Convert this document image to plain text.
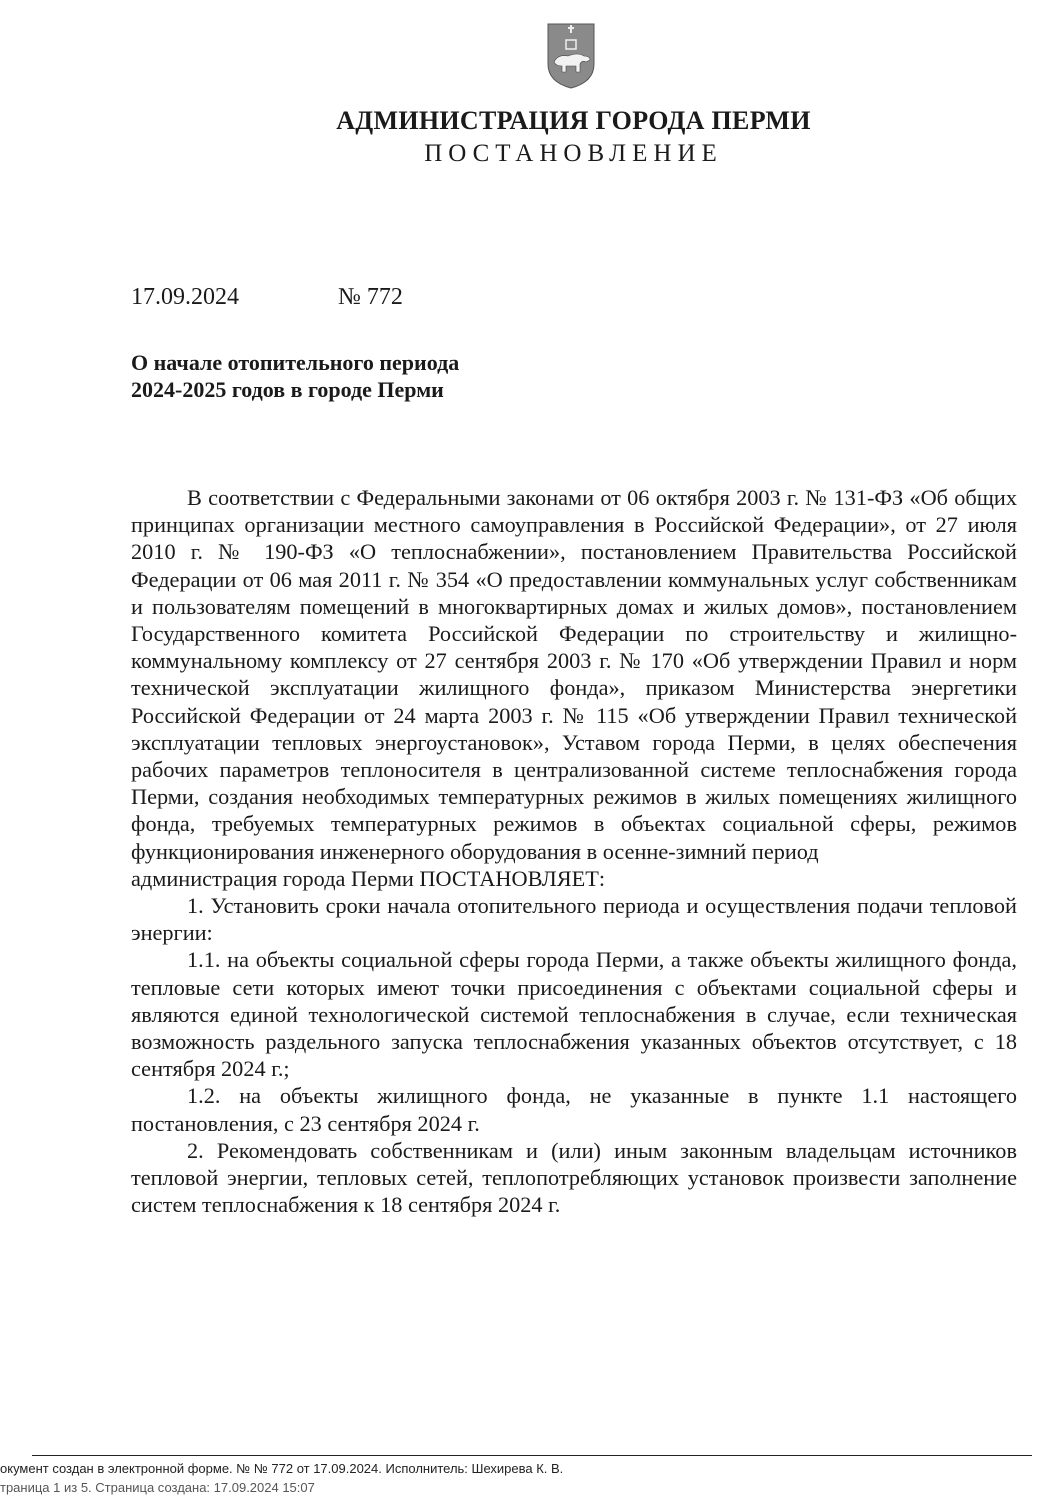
АДМИНИСТРАЦИЯ ГОРОДА ПЕРМИ
ПОСТАНОВЛЕНИЕ
17.09.2024	№ 772
О начале отопительного периода
2024-2025 годов в городе Перми

В соответствии с Федеральными законами от 06 октября 2003 г. № 131-ФЗ «Об общих принципах организации местного самоуправления в Российской Федерации», от 27 июля 2010 г. № 190-ФЗ «О теплоснабжении», постановлением Правительства Российской Федерации от 06 мая 2011 г. № 354 «О предоставлении коммунальных услуг собственникам и пользователям помещений в многоквартирных домах и жилых домов», постановлением Государственного комитета Российской Федерации по строительству и жилищно-коммунальному комплексу от 27 сентября 2003 г. № 170 «Об утверждении Правил и норм технической эксплуатации жилищного фонда», приказом Министерства энергетики Российской Федерации от 24 марта 2003 г. № 115 «Об утверждении Правил технической эксплуатации тепловых энергоустановок», Уставом города Перми, в целях обеспечения рабочих параметров теплоносителя в централизованной системе теплоснабжения города Перми, создания необходимых температурных режимов в жилых помещениях жилищного фонда, требуемых температурных режимов в объектах социальной сферы, режимов функционирования инженерного оборудования в осенне-зимний период

администрация города Перми ПОСТАНОВЛЯЕТ:

1. Установить сроки начала отопительного периода и осуществления подачи тепловой энергии:

1.1. на объекты социальной сферы города Перми, а также объекты жилищного фонда, тепловые сети которых имеют точки присоединения с объектами социальной сферы и являются единой технологической системой теплоснабжения в случае, если техническая возможность раздельного запуска теплоснабжения указанных объектов отсутствует, с 18 сентября 2024 г.;

1.2. на объекты жилищного фонда, не указанные в пункте 1.1 настоящего постановления, с 23 сентября 2024 г.

2. Рекомендовать собственникам и (или) иным законным владельцам источников тепловой энергии, тепловых сетей, теплопотребляющих установок произвести заполнение систем теплоснабжения к 18 сентября 2024 г.

окумент создан в электронной форме. № № 772 от 17.09.2024. Исполнитель: Шехирева К. В.
траница 1 из 5. Страница создана: 17.09.2024 15:07
